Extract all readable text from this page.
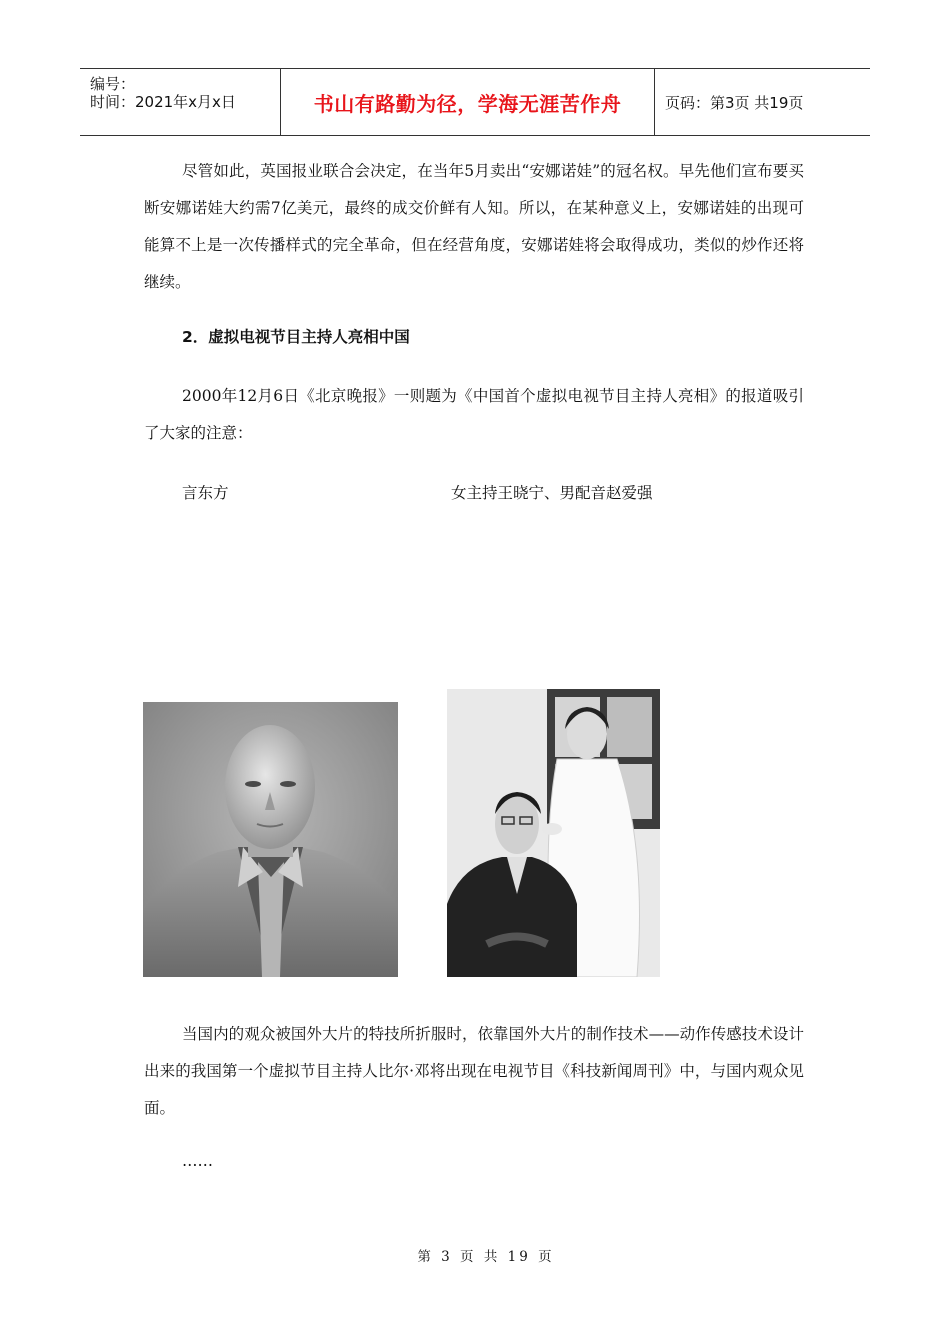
编号：
时间：2021年x月x日	书山有路勤为径，学海无涯苦作舟	页码：第3页 共19页

尽管如此，英国报业联合会决定，在当年5月卖出“安娜诺娃”的冠名权。早先他们宣布要买断安娜诺娃大约需7亿美元，最终的成交价鲜有人知。所以，在某种意义上，安娜诺娃的出现可能算不上是一次传播样式的完全革命，但在经营角度，安娜诺娃将会取得成功，类似的炒作还将继续。

2．虚拟电视节目主持人亮相中国

2000年12月6日《北京晚报》一则题为《中国首个虚拟电视节目主持人亮相》的报道吸引了大家的注意：

言东方	女主持王晓宁、男配音赵爱强

当国内的观众被国外大片的特技所折服时，依靠国外大片的制作技术——动作传感技术设计出来的我国第一个虚拟节目主持人比尔·邓将出现在电视节目《科技新闻周刊》中，与国内观众见面。

……
第 3 页 共 19 页
